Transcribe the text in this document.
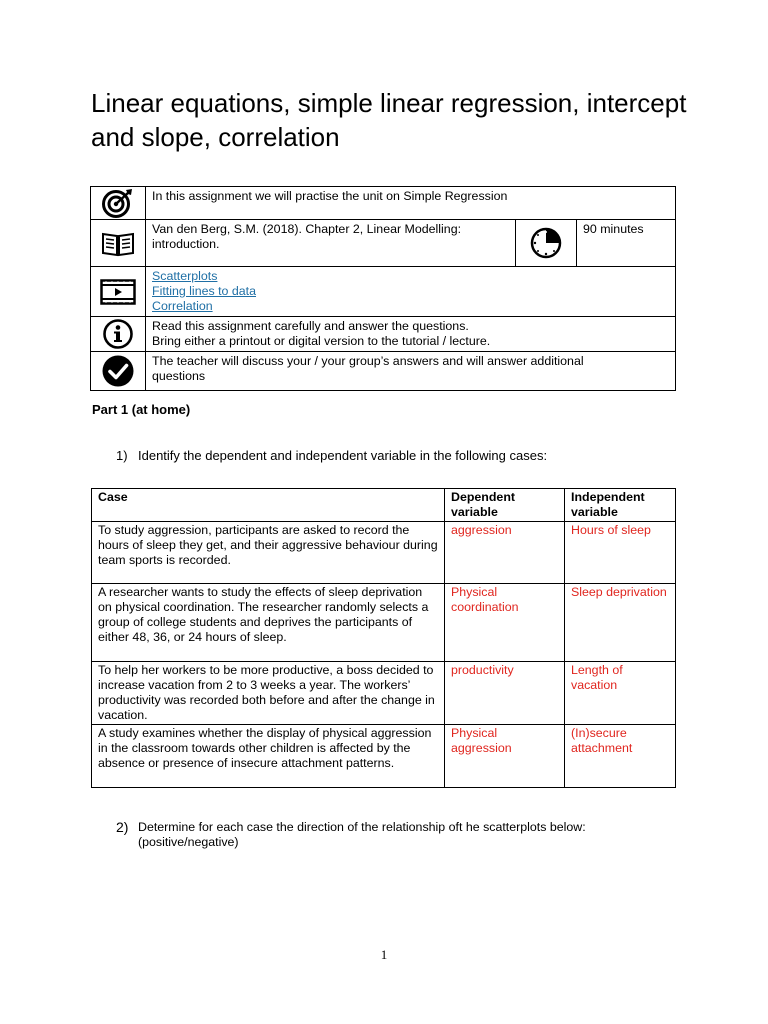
Linear equations, simple linear regression, intercept and slope, correlation
	In this assignment we will practise the unit on Simple Regression		

Van den Berg, S.M. (2018). Chapter 2, Linear Modelling:
introduction.		90 minutes

Scatterplots
Fitting lines to data
Correlation		

Read this assignment carefully and answer the questions.
Bring either a printout or digital version to the tutorial / lecture.		

The teacher will discuss your / your group’s answers and will answer additional
questions		
Part 1 (at home)
1) Identify the dependent and independent variable in the following cases:
Case	Dependent variable	Independent variable
To study aggression, participants are asked to record the hours of sleep they get, and their aggressive behaviour during team sports is recorded.	aggression	Hours of sleep
A researcher wants to study the effects of sleep deprivation on physical coordination. The researcher randomly selects a group of college students and deprives the participants of either 48, 36, or 24 hours of sleep.	Physical coordination	Sleep deprivation
To help her workers to be more productive, a boss decided to increase vacation from 2 to 3 weeks a year. The workers’ productivity was recorded both before and after the change in vacation.	productivity	Length of vacation
A study examines whether the display of physical aggression in the classroom towards other children is affected by the absence or presence of insecure attachment patterns.	Physical aggression	(In)secure attachment
2) Determine for each case the direction of the relationship oft he scatterplots below:
(positive/negative)
1
